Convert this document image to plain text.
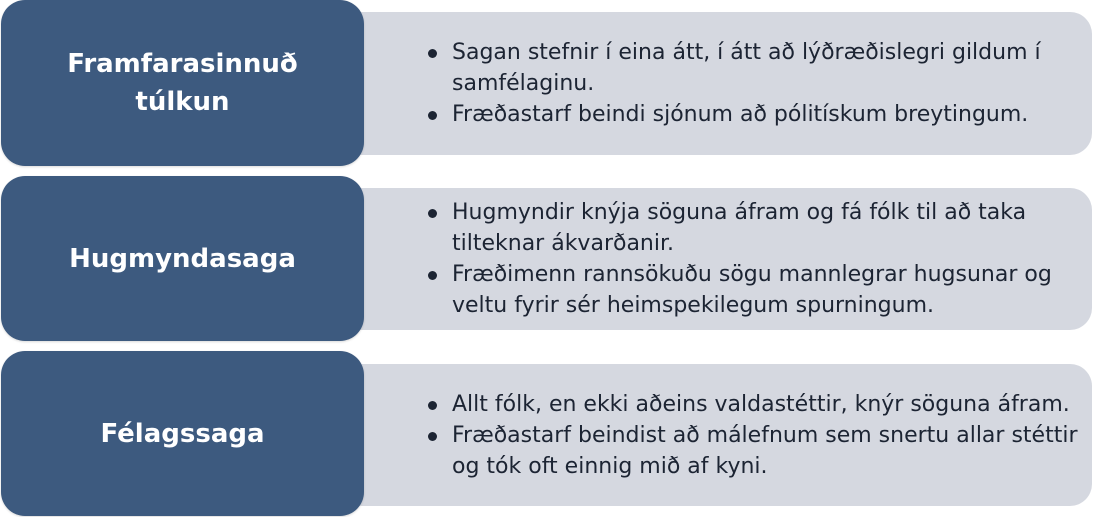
Sagan stefnir í eina átt, í átt að lýðræðislegri gildum í
samfélaginu.
Fræðastarf beindi sjónum að pólitískum breytingum.
Framfarasinnuð
túlkun
Hugmyndir knýja söguna áfram og fá fólk til að taka
tilteknar ákvarðanir.
Fræðimenn rannsökuðu sögu mannlegrar hugsunar og
veltu fyrir sér heimspekilegum spurningum.
Hugmyndasaga
Allt fólk, en ekki aðeins valdastéttir, knýr söguna áfram.
Fræðastarf beindist að málefnum sem snertu allar stéttir
og tók oft einnig mið af kyni.
Félagssaga
